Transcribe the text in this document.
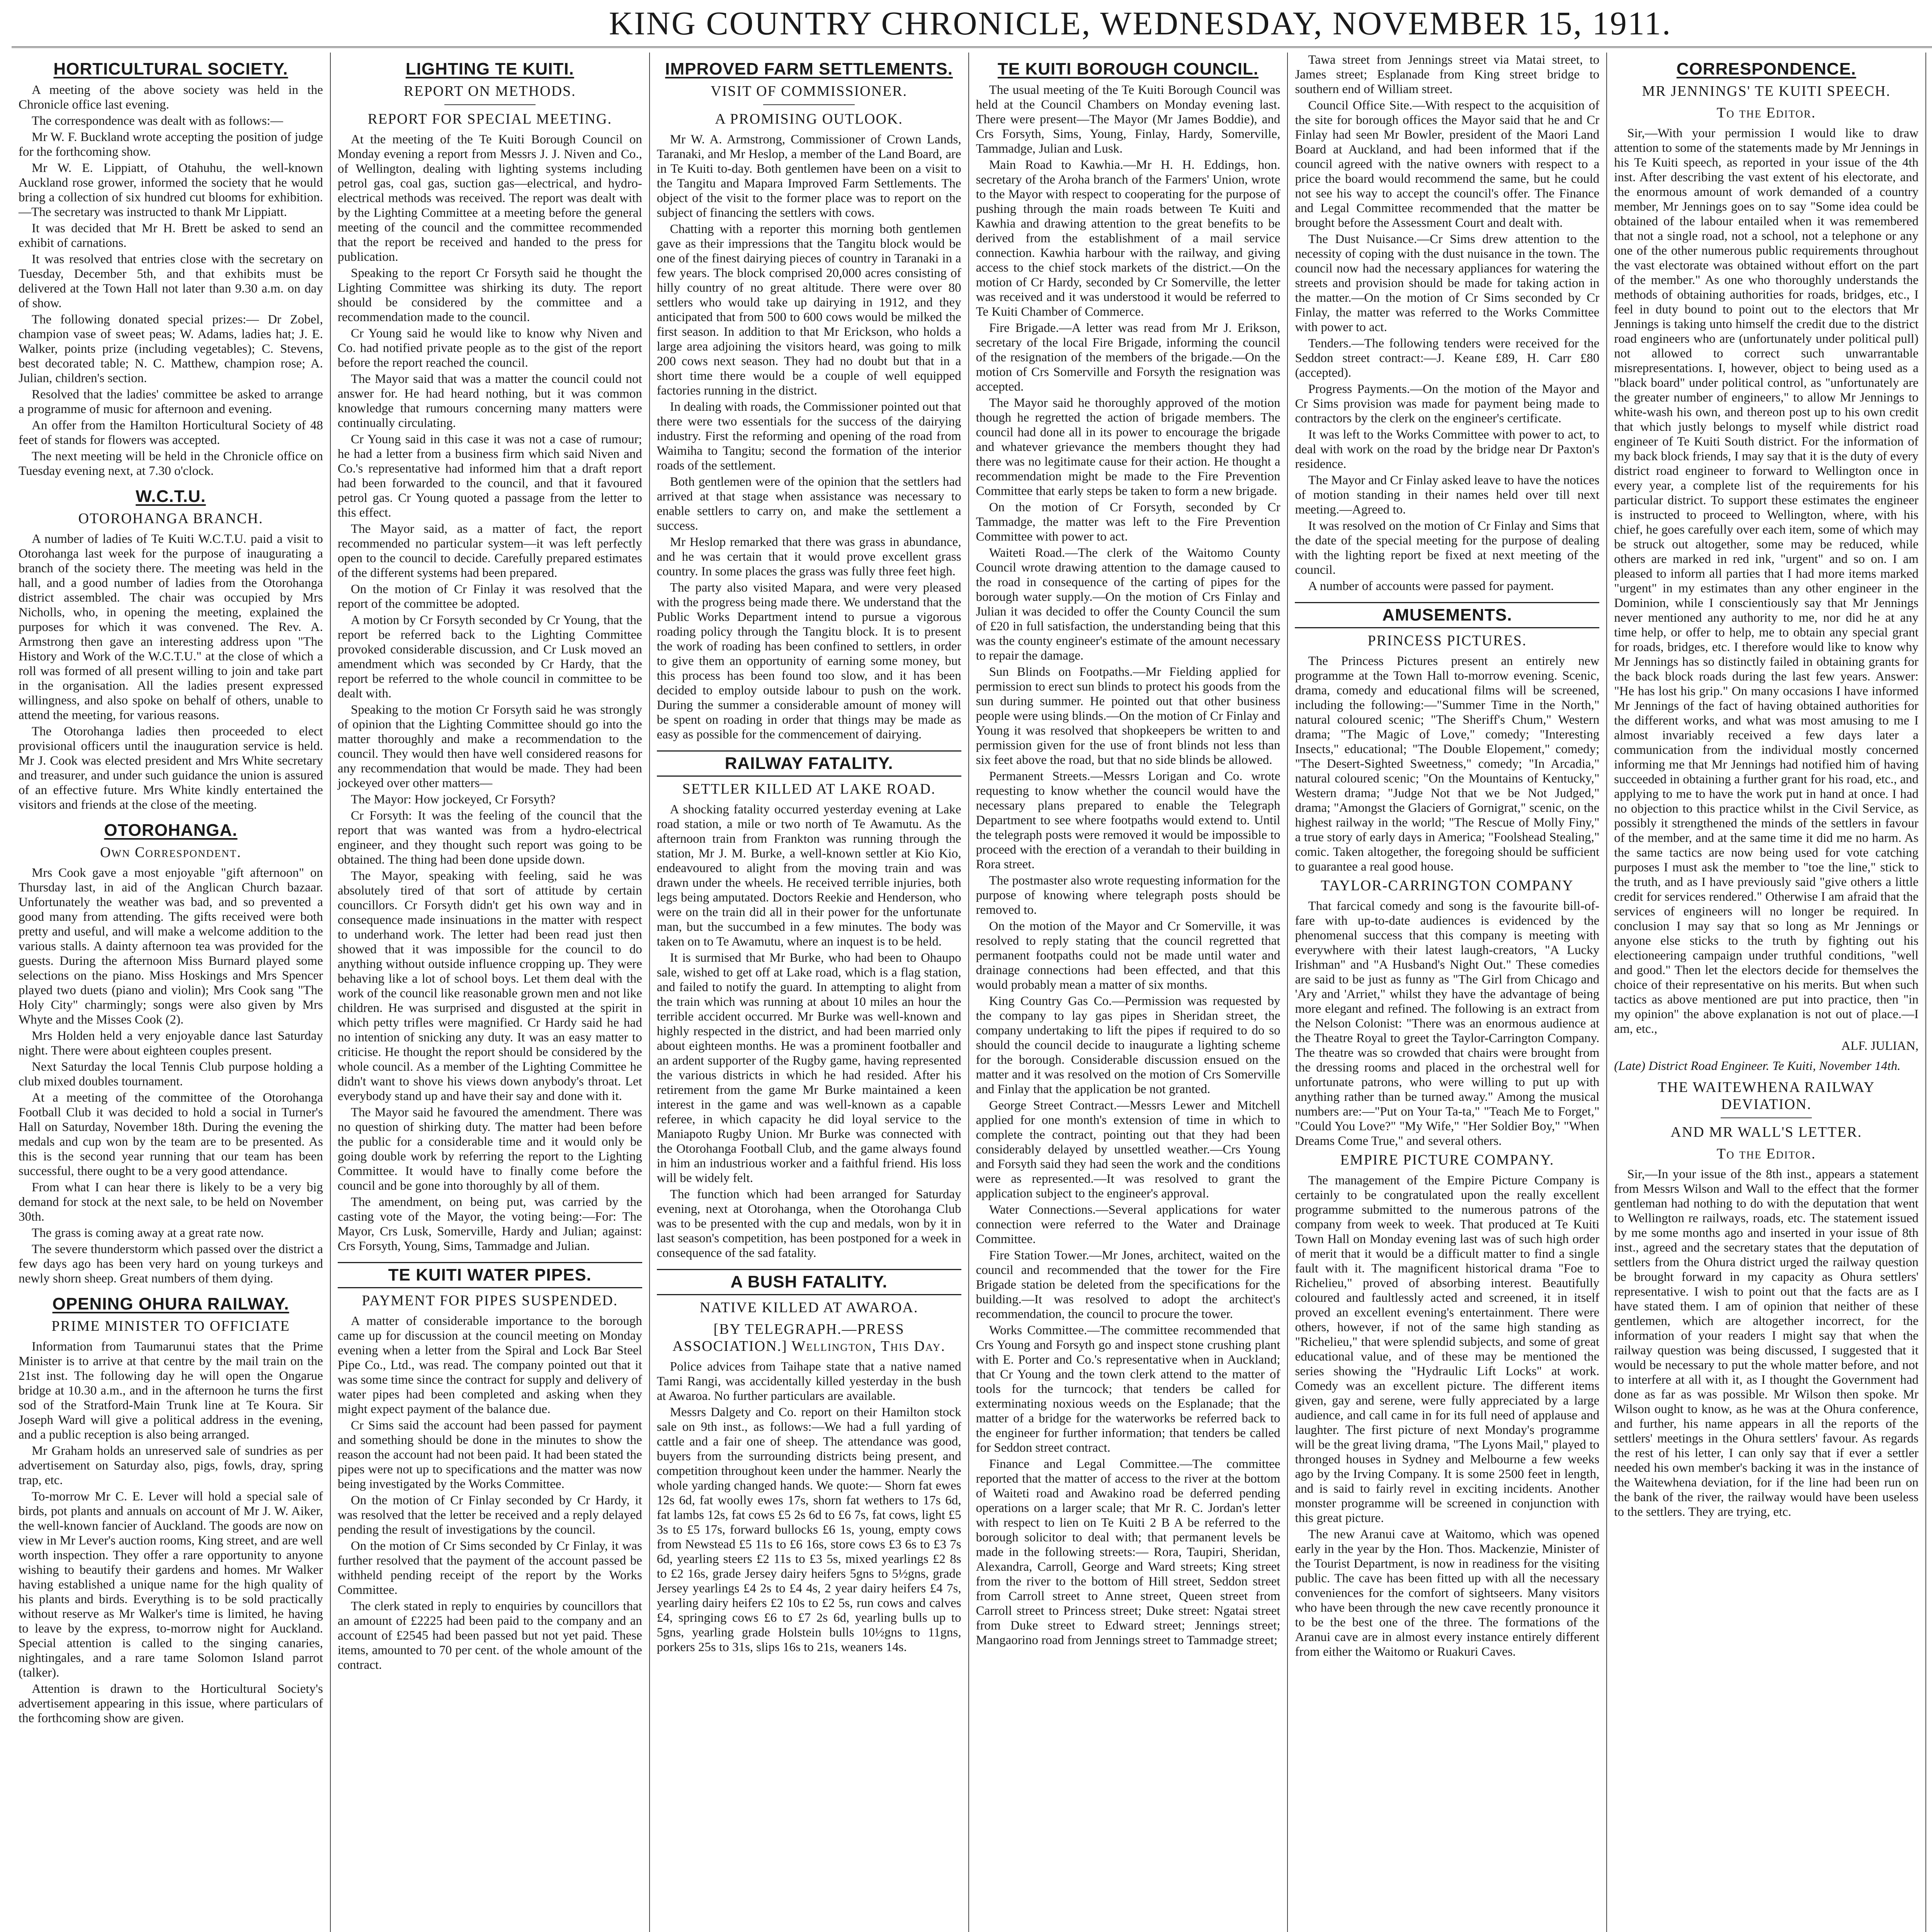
KING COUNTRY CHRONICLE, WEDNESDAY, NOVEMBER 15, 1911.
HORTICULTURAL SOCIETY.

A meeting of the above society was held in the Chronicle office last evening.

The correspondence was dealt with as follows:—

Mr W. F. Buckland wrote accepting the position of judge for the forthcoming show.

Mr W. E. Lippiatt, of Otahuhu, the well-known Auckland rose grower, informed the society that he would bring a collection of six hundred cut blooms for exhibition.—The secretary was instructed to thank Mr Lippiatt.

It was decided that Mr H. Brett be asked to send an exhibit of carnations.

It was resolved that entries close with the secretary on Tuesday, December 5th, and that exhibits must be delivered at the Town Hall not later than 9.30 a.m. on day of show.

The following donated special prizes:— Dr Zobel, champion vase of sweet peas; W. Adams, ladies hat; J. E. Walker, points prize (including vegetables); C. Stevens, best decorated table; N. C. Matthew, champion rose; A. Julian, children's section.

Resolved that the ladies' committee be asked to arrange a programme of music for afternoon and evening.

An offer from the Hamilton Horticultural Society of 48 feet of stands for flowers was accepted.

The next meeting will be held in the Chronicle office on Tuesday evening next, at 7.30 o'clock.

W.C.T.U.
OTOROHANGA BRANCH.

A number of ladies of Te Kuiti W.C.T.U. paid a visit to Otorohanga last week for the purpose of inaugurating a branch of the society there. The meeting was held in the hall, and a good number of ladies from the Otorohanga district assembled. The chair was occupied by Mrs Nicholls, who, in opening the meeting, explained the purposes for which it was convened. The Rev. A. Armstrong then gave an interesting address upon "The History and Work of the W.C.T.U." at the close of which a roll was formed of all present willing to join and take part in the organisation. All the ladies present expressed willingness, and also spoke on behalf of others, unable to attend the meeting, for various reasons.

The Otorohanga ladies then proceeded to elect provisional officers until the inauguration service is held. Mr J. Cook was elected president and Mrs White secretary and treasurer, and under such guidance the union is assured of an effective future. Mrs White kindly entertained the visitors and friends at the close of the meeting.

OTOROHANGA.
Own Correspondent.

Mrs Cook gave a most enjoyable "gift afternoon" on Thursday last, in aid of the Anglican Church bazaar. Unfortunately the weather was bad, and so prevented a good many from attending. The gifts received were both pretty and useful, and will make a welcome addition to the various stalls. A dainty afternoon tea was provided for the guests. During the afternoon Miss Burnard played some selections on the piano. Miss Hoskings and Mrs Spencer played two duets (piano and violin); Mrs Cook sang "The Holy City" charmingly; songs were also given by Mrs Whyte and the Misses Cook (2).

Mrs Holden held a very enjoyable dance last Saturday night. There were about eighteen couples present.

Next Saturday the local Tennis Club purpose holding a club mixed doubles tournament.

At a meeting of the committee of the Otorohanga Football Club it was decided to hold a social in Turner's Hall on Saturday, November 18th. During the evening the medals and cup won by the team are to be presented. As this is the second year running that our team has been successful, there ought to be a very good attendance.

From what I can hear there is likely to be a very big demand for stock at the next sale, to be held on November 30th.

The grass is coming away at a great rate now.

The severe thunderstorm which passed over the district a few days ago has been very hard on young turkeys and newly shorn sheep. Great numbers of them dying.

OPENING OHURA RAILWAY.
PRIME MINISTER TO OFFICIATE

Information from Taumarunui states that the Prime Minister is to arrive at that centre by the mail train on the 21st inst. The following day he will open the Ongarue bridge at 10.30 a.m., and in the afternoon he turns the first sod of the Stratford-Main Trunk line at Te Koura. Sir Joseph Ward will give a political address in the evening, and a public reception is also being arranged.

Mr Graham holds an unreserved sale of sundries as per advertisement on Saturday also, pigs, fowls, dray, spring trap, etc.

To-morrow Mr C. E. Lever will hold a special sale of birds, pot plants and annuals on account of Mr J. W. Aiker, the well-known fancier of Auckland. The goods are now on view in Mr Lever's auction rooms, King street, and are well worth inspection. They offer a rare opportunity to anyone wishing to beautify their gardens and homes. Mr Walker having established a unique name for the high quality of his plants and birds. Everything is to be sold practically without reserve as Mr Walker's time is limited, he having to leave by the express, to-morrow night for Auckland. Special attention is called to the singing canaries, nightingales, and a rare tame Solomon Island parrot (talker).

Attention is drawn to the Horticultural Society's advertisement appearing in this issue, where particulars of the forthcoming show are given.

LIGHTING TE KUITI.
REPORT ON METHODS.
REPORT FOR SPECIAL MEETING.

At the meeting of the Te Kuiti Borough Council on Monday evening a report from Messrs J. J. Niven and Co., of Wellington, dealing with lighting systems including petrol gas, coal gas, suction gas—electrical, and hydro-electrical methods was received. The report was dealt with by the Lighting Committee at a meeting before the general meeting of the council and the committee recommended that the report be received and handed to the press for publication.

Speaking to the report Cr Forsyth said he thought the Lighting Committee was shirking its duty. The report should be considered by the committee and a recommendation made to the council.

Cr Young said he would like to know why Niven and Co. had notified private people as to the gist of the report before the report reached the council.

The Mayor said that was a matter the council could not answer for. He had heard nothing, but it was common knowledge that rumours concerning many matters were continually circulating.

Cr Young said in this case it was not a case of rumour; he had a letter from a business firm which said Niven and Co.'s representative had informed him that a draft report had been forwarded to the council, and that it favoured petrol gas. Cr Young quoted a passage from the letter to this effect.

The Mayor said, as a matter of fact, the report recommended no particular system—it was left perfectly open to the council to decide. Carefully prepared estimates of the different systems had been prepared.

On the motion of Cr Finlay it was resolved that the report of the committee be adopted.

A motion by Cr Forsyth seconded by Cr Young, that the report be referred back to the Lighting Committee provoked considerable discussion, and Cr Lusk moved an amendment which was seconded by Cr Hardy, that the report be referred to the whole council in committee to be dealt with.

Speaking to the motion Cr Forsyth said he was strongly of opinion that the Lighting Committee should go into the matter thoroughly and make a recommendation to the council. They would then have well considered reasons for any recommendation that would be made. They had been jockeyed over other matters—

The Mayor: How jockeyed, Cr Forsyth?

Cr Forsyth: It was the feeling of the council that the report that was wanted was from a hydro-electrical engineer, and they thought such report was going to be obtained. The thing had been done upside down.

The Mayor, speaking with feeling, said he was absolutely tired of that sort of attitude by certain councillors. Cr Forsyth didn't get his own way and in consequence made insinuations in the matter with respect to underhand work. The letter had been read just then showed that it was impossible for the council to do anything without outside influence cropping up. They were behaving like a lot of school boys. Let them deal with the work of the council like reasonable grown men and not like children. He was surprised and disgusted at the spirit in which petty trifles were magnified. Cr Hardy said he had no intention of snicking any duty. It was an easy matter to criticise. He thought the report should be considered by the whole council. As a member of the Lighting Committee he didn't want to shove his views down anybody's throat. Let everybody stand up and have their say and done with it.

The Mayor said he favoured the amendment. There was no question of shirking duty. The matter had been before the public for a considerable time and it would only be going double work by referring the report to the Lighting Committee. It would have to finally come before the council and be gone into thoroughly by all of them.

The amendment, on being put, was carried by the casting vote of the Mayor, the voting being:—For: The Mayor, Crs Lusk, Somerville, Hardy and Julian; against: Crs Forsyth, Young, Sims, Tammadge and Julian.

TE KUITI WATER PIPES.
PAYMENT FOR PIPES SUSPENDED.

A matter of considerable importance to the borough came up for discussion at the council meeting on Monday evening when a letter from the Spiral and Lock Bar Steel Pipe Co., Ltd., was read. The company pointed out that it was some time since the contract for supply and delivery of water pipes had been completed and asking when they might expect payment of the balance due.

Cr Sims said the account had been passed for payment and something should be done in the minutes to show the reason the account had not been paid. It had been stated the pipes were not up to specifications and the matter was now being investigated by the Works Committee.

On the motion of Cr Finlay seconded by Cr Hardy, it was resolved that the letter be received and a reply delayed pending the result of investigations by the council.

On the motion of Cr Sims seconded by Cr Finlay, it was further resolved that the payment of the account passed be withheld pending receipt of the report by the Works Committee.

The clerk stated in reply to enquiries by councillors that an amount of £2225 had been paid to the company and an account of £2545 had been passed but not yet paid. These items, amounted to 70 per cent. of the whole amount of the contract.

IMPROVED FARM SETTLEMENTS.
VISIT OF COMMISSIONER.
A PROMISING OUTLOOK.

Mr W. A. Armstrong, Commissioner of Crown Lands, Taranaki, and Mr Heslop, a member of the Land Board, are in Te Kuiti to-day. Both gentlemen have been on a visit to the Tangitu and Mapara Improved Farm Settlements. The object of the visit to the former place was to report on the subject of financing the settlers with cows.

Chatting with a reporter this morning both gentlemen gave as their impressions that the Tangitu block would be one of the finest dairying pieces of country in Taranaki in a few years. The block comprised 20,000 acres consisting of hilly country of no great altitude. There were over 80 settlers who would take up dairying in 1912, and they anticipated that from 500 to 600 cows would be milked the first season. In addition to that Mr Erickson, who holds a large area adjoining the visitors heard, was going to milk 200 cows next season. They had no doubt but that in a short time there would be a couple of well equipped factories running in the district.

In dealing with roads, the Commissioner pointed out that there were two essentials for the success of the dairying industry. First the reforming and opening of the road from Waimiha to Tangitu; second the formation of the interior roads of the settlement.

Both gentlemen were of the opinion that the settlers had arrived at that stage when assistance was necessary to enable settlers to carry on, and make the settlement a success.

Mr Heslop remarked that there was grass in abundance, and he was certain that it would prove excellent grass country. In some places the grass was fully three feet high.

The party also visited Mapara, and were very pleased with the progress being made there. We understand that the Public Works Department intend to pursue a vigorous roading policy through the Tangitu block. It is to present the work of roading has been confined to settlers, in order to give them an opportunity of earning some money, but this process has been found too slow, and it has been decided to employ outside labour to push on the work. During the summer a considerable amount of money will be spent on roading in order that things may be made as easy as possible for the commencement of dairying.

RAILWAY FATALITY.
SETTLER KILLED AT LAKE ROAD.

A shocking fatality occurred yesterday evening at Lake road station, a mile or two north of Te Awamutu. As the afternoon train from Frankton was running through the station, Mr J. M. Burke, a well-known settler at Kio Kio, endeavoured to alight from the moving train and was drawn under the wheels. He received terrible injuries, both legs being amputated. Doctors Reekie and Henderson, who were on the train did all in their power for the unfortunate man, but the succumbed in a few minutes. The body was taken on to Te Awamutu, where an inquest is to be held.

It is surmised that Mr Burke, who had been to Ohaupo sale, wished to get off at Lake road, which is a flag station, and failed to notify the guard. In attempting to alight from the train which was running at about 10 miles an hour the terrible accident occurred. Mr Burke was well-known and highly respected in the district, and had been married only about eighteen months. He was a prominent footballer and an ardent supporter of the Rugby game, having represented the various districts in which he had resided. After his retirement from the game Mr Burke maintained a keen interest in the game and was well-known as a capable referee, in which capacity he did loyal service to the Maniapoto Rugby Union. Mr Burke was connected with the Otorohanga Football Club, and the game always found in him an industrious worker and a faithful friend. His loss will be widely felt.

The function which had been arranged for Saturday evening, next at Otorohanga, when the Otorohanga Club was to be presented with the cup and medals, won by it in last season's competition, has been postponed for a week in consequence of the sad fatality.

A BUSH FATALITY.
NATIVE KILLED AT AWAROA.
[BY TELEGRAPH.—PRESS ASSOCIATION.] Wellington, This Day.

Police advices from Taihape state that a native named Tami Rangi, was accidentally killed yesterday in the bush at Awaroa. No further particulars are available.

Messrs Dalgety and Co. report on their Hamilton stock sale on 9th inst., as follows:—We had a full yarding of cattle and a fair one of sheep. The attendance was good, buyers from the surrounding districts being present, and competition throughout keen under the hammer. Nearly the whole yarding changed hands. We quote:— Shorn fat ewes 12s 6d, fat woolly ewes 17s, shorn fat wethers to 17s 6d, fat lambs 12s, fat cows £5 2s 6d to £6 7s, fat cows, light £5 3s to £5 17s, forward bullocks £6 1s, young, empty cows from Newstead £5 11s to £6 16s, store cows £3 6s to £3 7s 6d, yearling steers £2 11s to £3 5s, mixed yearlings £2 8s to £2 16s, grade Jersey dairy heifers 5gns to 5½gns, grade Jersey yearlings £4 2s to £4 4s, 2 year dairy heifers £4 7s, yearling dairy heifers £2 10s to £2 5s, run cows and calves £4, springing cows £6 to £7 2s 6d, yearling bulls up to 5gns, yearling grade Holstein bulls 10½gns to 11gns, porkers 25s to 31s, slips 16s to 21s, weaners 14s.

TE KUITI BOROUGH COUNCIL.

The usual meeting of the Te Kuiti Borough Council was held at the Council Chambers on Monday evening last. There were present—The Mayor (Mr James Boddie), and Crs Forsyth, Sims, Young, Finlay, Hardy, Somerville, Tammadge, Julian and Lusk.

Main Road to Kawhia.—Mr H. H. Eddings, hon. secretary of the Aroha branch of the Farmers' Union, wrote to the Mayor with respect to cooperating for the purpose of pushing through the main roads between Te Kuiti and Kawhia and drawing attention to the great benefits to be derived from the establishment of a mail service connection. Kawhia harbour with the railway, and giving access to the chief stock markets of the district.—On the motion of Cr Hardy, seconded by Cr Somerville, the letter was received and it was understood it would be referred to Te Kuiti Chamber of Commerce.

Fire Brigade.—A letter was read from Mr J. Erikson, secretary of the local Fire Brigade, informing the council of the resignation of the members of the brigade.—On the motion of Crs Somerville and Forsyth the resignation was accepted.

The Mayor said he thoroughly approved of the motion though he regretted the action of brigade members. The council had done all in its power to encourage the brigade and whatever grievance the members thought they had there was no legitimate cause for their action. He thought a recommendation might be made to the Fire Prevention Committee that early steps be taken to form a new brigade.

On the motion of Cr Forsyth, seconded by Cr Tammadge, the matter was left to the Fire Prevention Committee with power to act.

Waiteti Road.—The clerk of the Waitomo County Council wrote drawing attention to the damage caused to the road in consequence of the carting of pipes for the borough water supply.—On the motion of Crs Finlay and Julian it was decided to offer the County Council the sum of £20 in full satisfaction, the understanding being that this was the county engineer's estimate of the amount necessary to repair the damage.

Sun Blinds on Footpaths.—Mr Fielding applied for permission to erect sun blinds to protect his goods from the sun during summer. He pointed out that other business people were using blinds.—On the motion of Cr Finlay and Young it was resolved that shopkeepers be written to and permission given for the use of front blinds not less than six feet above the road, but that no side blinds be allowed.

Permanent Streets.—Messrs Lorigan and Co. wrote requesting to know whether the council would have the necessary plans prepared to enable the Telegraph Department to see where footpaths would extend to. Until the telegraph posts were removed it would be impossible to proceed with the erection of a verandah to their building in Rora street.

The postmaster also wrote requesting information for the purpose of knowing where telegraph posts should be removed to.

On the motion of the Mayor and Cr Somerville, it was resolved to reply stating that the council regretted that permanent footpaths could not be made until water and drainage connections had been effected, and that this would probably mean a matter of six months.

King Country Gas Co.—Permission was requested by the company to lay gas pipes in Sheridan street, the company undertaking to lift the pipes if required to do so should the council decide to inaugurate a lighting scheme for the borough. Considerable discussion ensued on the matter and it was resolved on the motion of Crs Somerville and Finlay that the application be not granted.

George Street Contract.—Messrs Lewer and Mitchell applied for one month's extension of time in which to complete the contract, pointing out that they had been considerably delayed by unsettled weather.—Crs Young and Forsyth said they had seen the work and the conditions were as represented.—It was resolved to grant the application subject to the engineer's approval.

Water Connections.—Several applications for water connection were referred to the Water and Drainage Committee.

Fire Station Tower.—Mr Jones, architect, waited on the council and recommended that the tower for the Fire Brigade station be deleted from the specifications for the building.—It was resolved to adopt the architect's recommendation, the council to procure the tower.

Works Committee.—The committee recommended that Crs Young and Forsyth go and inspect stone crushing plant with E. Porter and Co.'s representative when in Auckland; that Cr Young and the town clerk attend to the matter of tools for the turncock; that tenders be called for exterminating noxious weeds on the Esplanade; that the matter of a bridge for the waterworks be referred back to the engineer for further information; that tenders be called for Seddon street contract.

Finance and Legal Committee.—The committee reported that the matter of access to the river at the bottom of Waiteti road and Awakino road be deferred pending operations on a larger scale; that Mr R. C. Jordan's letter with respect to lien on Te Kuiti 2 B A be referred to the borough solicitor to deal with; that permanent levels be made in the following streets:— Rora, Taupiri, Sheridan, Alexandra, Carroll, George and Ward streets; King street from the river to the bottom of Hill street, Seddon street from Carroll street to Anne street, Queen street from Carroll street to Princess street; Duke street: Ngatai street from Duke street to Edward street; Jennings street; Mangaorino road from Jennings street to Tammadge street;

Tawa street from Jennings street via Matai street, to James street; Esplanade from King street bridge to southern end of William street.

Council Office Site.—With respect to the acquisition of the site for borough offices the Mayor said that he and Cr Finlay had seen Mr Bowler, president of the Maori Land Board at Auckland, and had been informed that if the council agreed with the native owners with respect to a price the board would recommend the same, but he could not see his way to accept the council's offer. The Finance and Legal Committee recommended that the matter be brought before the Assessment Court and dealt with.

The Dust Nuisance.—Cr Sims drew attention to the necessity of coping with the dust nuisance in the town. The council now had the necessary appliances for watering the streets and provision should be made for taking action in the matter.—On the motion of Cr Sims seconded by Cr Finlay, the matter was referred to the Works Committee with power to act.

Tenders.—The following tenders were received for the Seddon street contract:—J. Keane £89, H. Carr £80 (accepted).

Progress Payments.—On the motion of the Mayor and Cr Sims provision was made for payment being made to contractors by the clerk on the engineer's certificate.

It was left to the Works Committee with power to act, to deal with work on the road by the bridge near Dr Paxton's residence.

The Mayor and Cr Finlay asked leave to have the notices of motion standing in their names held over till next meeting.—Agreed to.

It was resolved on the motion of Cr Finlay and Sims that the date of the special meeting for the purpose of dealing with the lighting report be fixed at next meeting of the council.

A number of accounts were passed for payment.

AMUSEMENTS.
PRINCESS PICTURES.

The Princess Pictures present an entirely new programme at the Town Hall to-morrow evening. Scenic, drama, comedy and educational films will be screened, including the following:—"Summer Time in the North," natural coloured scenic; "The Sheriff's Chum," Western drama; "The Magic of Love," comedy; "Interesting Insects," educational; "The Double Elopement," comedy; "The Desert-Sighted Sweetness," comedy; "In Arcadia," natural coloured scenic; "On the Mountains of Kentucky," Western drama; "Judge Not that we be Not Judged," drama; "Amongst the Glaciers of Gornigrat," scenic, on the highest railway in the world; "The Rescue of Molly Finy," a true story of early days in America; "Foolshead Stealing," comic. Taken altogether, the foregoing should be sufficient to guarantee a real good house.

TAYLOR-CARRINGTON COMPANY

That farcical comedy and song is the favourite bill-of-fare with up-to-date audiences is evidenced by the phenomenal success that this company is meeting with everywhere with their latest laugh-creators, "A Lucky Irishman" and "A Husband's Night Out." These comedies are said to be just as funny as "The Girl from Chicago and 'Ary and 'Arriet," whilst they have the advantage of being more elegant and refined. The following is an extract from the Nelson Colonist: "There was an enormous audience at the Theatre Royal to greet the Taylor-Carrington Company. The theatre was so crowded that chairs were brought from the dressing rooms and placed in the orchestral well for unfortunate patrons, who were willing to put up with anything rather than be turned away." Among the musical numbers are:—"Put on Your Ta-ta," "Teach Me to Forget," "Could You Love?" "My Wife," "Her Soldier Boy," "When Dreams Come True," and several others.

EMPIRE PICTURE COMPANY.

The management of the Empire Picture Company is certainly to be congratulated upon the really excellent programme submitted to the numerous patrons of the company from week to week. That produced at Te Kuiti Town Hall on Monday evening last was of such high order of merit that it would be a difficult matter to find a single fault with it. The magnificent historical drama "Foe to Richelieu," proved of absorbing interest. Beautifully coloured and faultlessly acted and screened, it in itself proved an excellent evening's entertainment. There were others, however, if not of the same high standing as "Richelieu," that were splendid subjects, and some of great educational value, and of these may be mentioned the series showing the "Hydraulic Lift Locks" at work. Comedy was an excellent picture. The different items given, gay and serene, were fully appreciated by a large audience, and call came in for its full need of applause and laughter. The first picture of next Monday's programme will be the great living drama, "The Lyons Mail," played to thronged houses in Sydney and Melbourne a few weeks ago by the Irving Company. It is some 2500 feet in length, and is said to fairly revel in exciting incidents. Another monster programme will be screened in conjunction with this great picture.

The new Aranui cave at Waitomo, which was opened early in the year by the Hon. Thos. Mackenzie, Minister of the Tourist Department, is now in readiness for the visiting public. The cave has been fitted up with all the necessary conveniences for the comfort of sightseers. Many visitors who have been through the new cave recently pronounce it to be the best one of the three. The formations of the Aranui cave are in almost every instance entirely different from either the Waitomo or Ruakuri Caves.

CORRESPONDENCE.
MR JENNINGS' TE KUITI SPEECH.
To the Editor.

Sir,—With your permission I would like to draw attention to some of the statements made by Mr Jennings in his Te Kuiti speech, as reported in your issue of the 4th inst. After describing the vast extent of his electorate, and the enormous amount of work demanded of a country member, Mr Jennings goes on to say "Some idea could be obtained of the labour entailed when it was remembered that not a single road, not a school, not a telephone or any one of the other numerous public requirements throughout the vast electorate was obtained without effort on the part of the member." As one who thoroughly understands the methods of obtaining authorities for roads, bridges, etc., I feel in duty bound to point out to the electors that Mr Jennings is taking unto himself the credit due to the district road engineers who are (unfortunately under political pull) not allowed to correct such unwarrantable misrepresentations. I, however, object to being used as a "black board" under political control, as "unfortunately are the greater number of engineers," to allow Mr Jennings to white-wash his own, and thereon post up to his own credit that which justly belongs to myself while district road engineer of Te Kuiti South district. For the information of my back block friends, I may say that it is the duty of every district road engineer to forward to Wellington once in every year, a complete list of the requirements for his particular district. To support these estimates the engineer is instructed to proceed to Wellington, where, with his chief, he goes carefully over each item, some of which may be struck out altogether, some may be reduced, while others are marked in red ink, "urgent" and so on. I am pleased to inform all parties that I had more items marked "urgent" in my estimates than any other engineer in the Dominion, while I conscientiously say that Mr Jennings never mentioned any authority to me, nor did he at any time help, or offer to help, me to obtain any special grant for roads, bridges, etc. I therefore would like to know why Mr Jennings has so distinctly failed in obtaining grants for the back block roads during the last few years. Answer: "He has lost his grip." On many occasions I have informed Mr Jennings of the fact of having obtained authorities for the different works, and what was most amusing to me I almost invariably received a few days later a communication from the individual mostly concerned informing me that Mr Jennings had notified him of having succeeded in obtaining a further grant for his road, etc., and applying to me to have the work put in hand at once. I had no objection to this practice whilst in the Civil Service, as possibly it strengthened the minds of the settlers in favour of the member, and at the same time it did me no harm. As the same tactics are now being used for vote catching purposes I must ask the member to "toe the line," stick to the truth, and as I have previously said "give others a little credit for services rendered." Otherwise I am afraid that the services of engineers will no longer be required. In conclusion I may say that so long as Mr Jennings or anyone else sticks to the truth by fighting out his electioneering campaign under truthful conditions, "well and good." Then let the electors decide for themselves the choice of their representative on his merits. But when such tactics as above mentioned are put into practice, then "in my opinion" the above explanation is not out of place.—I am, etc.,

ALF. JULIAN,
(Late) District Road Engineer. Te Kuiti, November 14th.
THE WAITEWHENA RAILWAY DEVIATION.
AND MR WALL'S LETTER.
To the Editor.

Sir,—In your issue of the 8th inst., appears a statement from Messrs Wilson and Wall to the effect that the former gentleman had nothing to do with the deputation that went to Wellington re railways, roads, etc. The statement issued by me some months ago and inserted in your issue of 8th inst., agreed and the secretary states that the deputation of settlers from the Ohura district urged the railway question be brought forward in my capacity as Ohura settlers' representative. I wish to point out that the facts are as I have stated them. I am of opinion that neither of these gentlemen, which are altogether incorrect, for the information of your readers I might say that when the railway question was being discussed, I suggested that it would be necessary to put the whole matter before, and not to interfere at all with it, as I thought the Government had done as far as was possible. Mr Wilson then spoke. Mr Wilson ought to know, as he was at the Ohura conference, and further, his name appears in all the reports of the settlers' meetings in the Ohura settlers' favour. As regards the rest of his letter, I can only say that if ever a settler needed his own member's backing it was in the instance of the Waitewhena deviation, for if the line had been run on the bank of the river, the railway would have been useless to the settlers. They are trying, etc.
